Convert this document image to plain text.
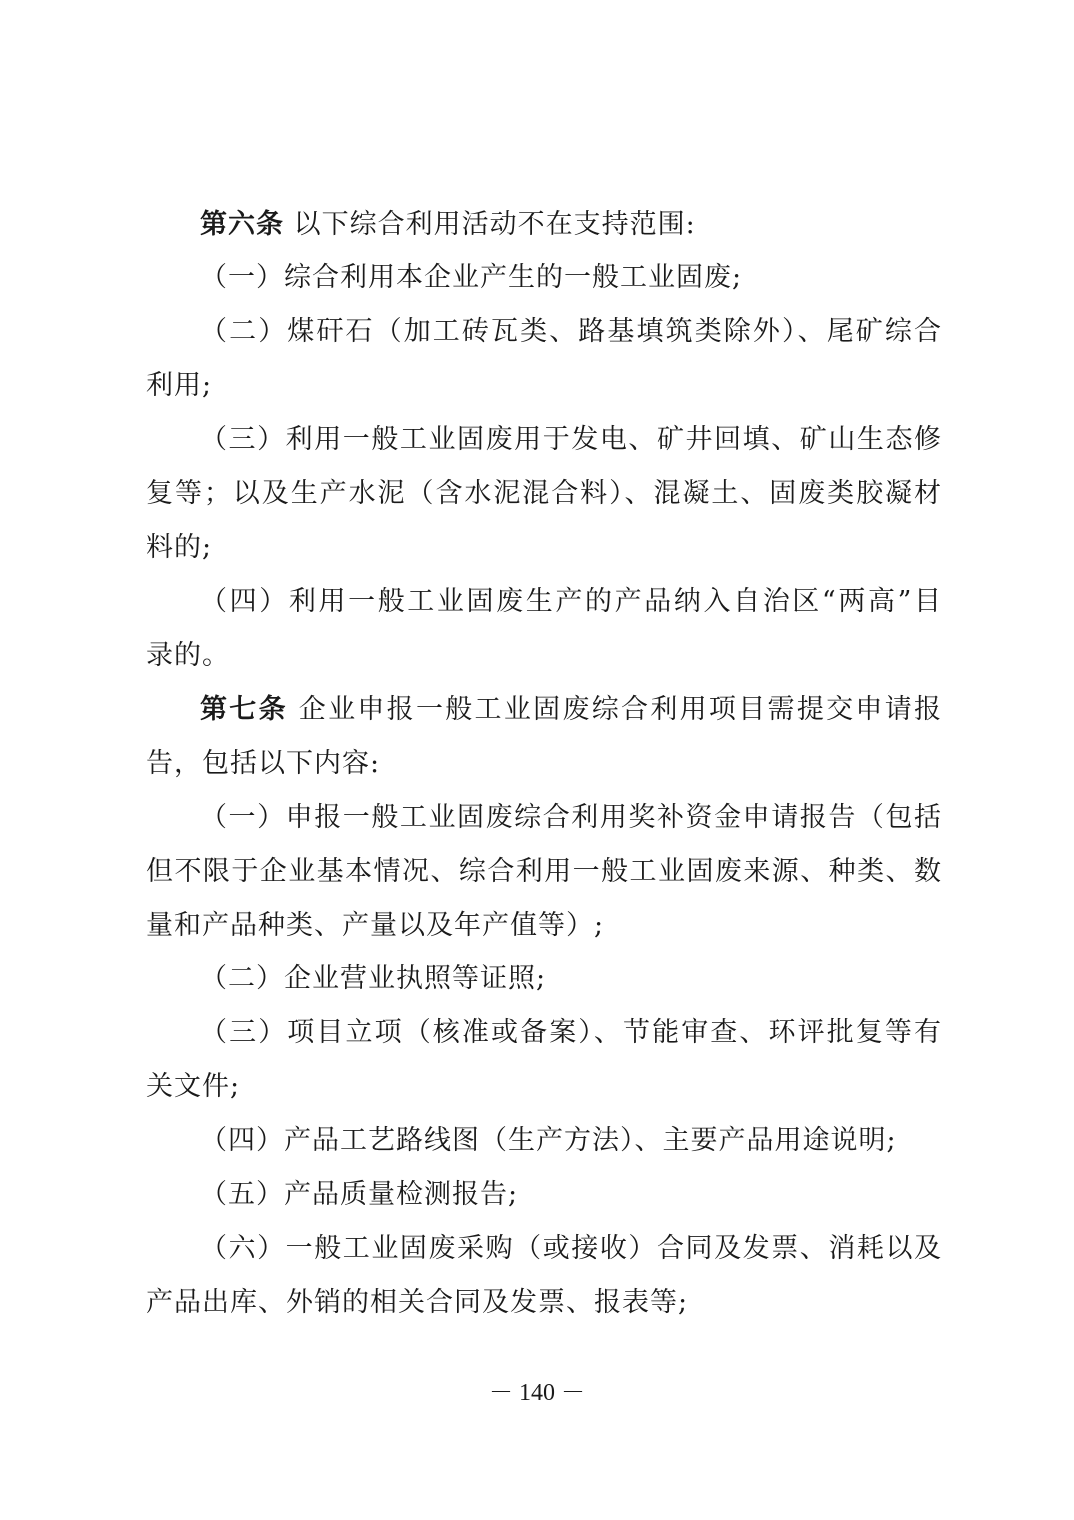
第六条 以下综合利用活动不在支持范围:
（一）综合利用本企业产生的一般工业固废;
（二）煤矸石（加工砖瓦类、路基填筑类除外）、尾矿综合
利用;
（三）利用一般工业固废用于发电、矿井回填、矿山生态修
复等；以及生产水泥（含水泥混合料）、混凝土、固废类胶凝材
料的;
（四）利用一般工业固废生产的产品纳入自治区“两高”目
录的。
第七条 企业申报一般工业固废综合利用项目需提交申请报
告，包括以下内容:
（一）申报一般工业固废综合利用奖补资金申请报告（包括
但不限于企业基本情况、综合利用一般工业固废来源、种类、数
量和产品种类、产量以及年产值等）;
（二）企业营业执照等证照;
（三）项目立项（核准或备案）、节能审查、环评批复等有
关文件;
（四）产品工艺路线图（生产方法）、主要产品用途说明;
（五）产品质量检测报告;
（六）一般工业固废采购（或接收）合同及发票、消耗以及
产品出库、外销的相关合同及发票、报表等;
－ 140 －
